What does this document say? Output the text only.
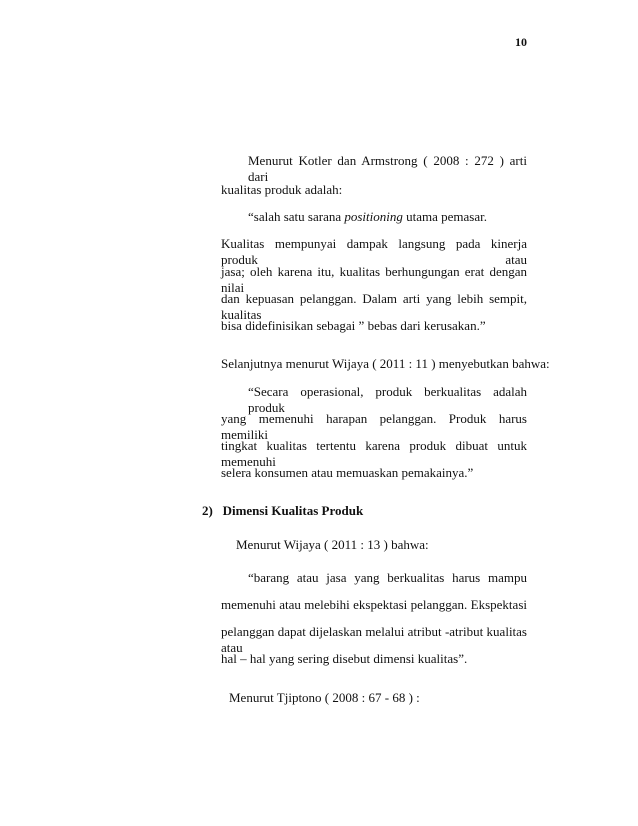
10
Menurut Kotler dan Armstrong ( 2008 : 272 ) arti dari
kualitas produk adalah:
“salah satu sarana positioning utama pemasar.
Kualitas mempunyai dampak langsung pada kinerja produk atau
jasa; oleh karena itu, kualitas berhungungan erat dengan nilai
dan kepuasan pelanggan. Dalam arti yang lebih sempit, kualitas
bisa didefinisikan sebagai ” bebas dari kerusakan.”
Selanjutnya menurut Wijaya ( 2011 : 11 ) menyebutkan bahwa:
“Secara operasional, produk berkualitas adalah produk
yang memenuhi harapan pelanggan. Produk harus memiliki
tingkat kualitas tertentu karena produk dibuat untuk memenuhi
selera konsumen atau memuaskan pemakainya.”
2)   Dimensi Kualitas Produk
Menurut Wijaya ( 2011 : 13 ) bahwa:
“barang atau jasa yang berkualitas harus mampu
memenuhi atau melebihi ekspektasi pelanggan. Ekspektasi
pelanggan dapat dijelaskan melalui atribut -atribut kualitas atau
hal – hal yang sering disebut dimensi kualitas”.
Menurut Tjiptono ( 2008 : 67 - 68 ) :
